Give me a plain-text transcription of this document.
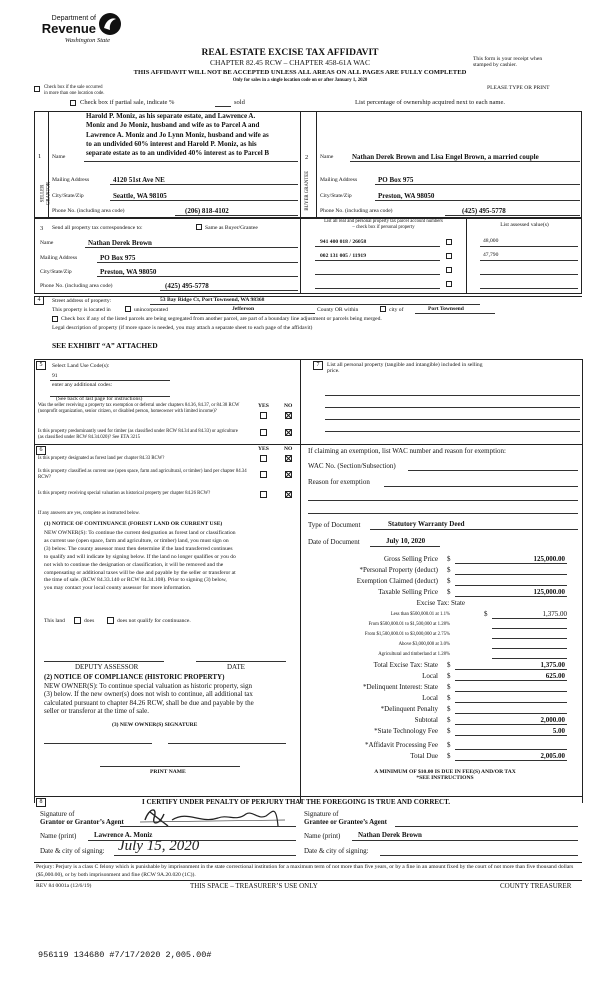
Department of
Revenue
Washington State
REAL ESTATE EXCISE TAX AFFIDAVIT
CHAPTER 82.45 RCW – CHAPTER 458-61A WAC
THIS AFFIDAVIT WILL NOT BE ACCEPTED UNLESS ALL AREAS ON ALL PAGES ARE FULLY COMPLETED
Only for sales in a single location code on or after January 1, 2020
This form is your receipt when
stamped by cashier.
PLEASE TYPE OR PRINT
Check box if the sale occurred
in more than one location code.
Check box if partial sale, indicate %	sold	List percentage of ownership acquired next to each name.
1 Name
Harold P. Moniz, as his separate estate, and Lawrence A.
Moniz and Jo Moniz, husband and wife as to Parcel A and
Lawrence A. Moniz and Jo Lynn Moniz, husband and wife as
to an undivided 60% interest and Harold P. Moniz, as his
separate estate as to an undivided 40% interest as to Parcel B
SELLER GRANTOR
Mailing Address	4120 51st Ave NE
City/State/Zip	Seattle, WA 98105
Phone No. (including area code)	(206) 818-4102
2 Name	Nathan Derek Brown and Lisa Engel Brown, a married couple
BUYER GRANTEE Mailing Address	PO Box 975
City/State/Zip	Preston, WA 98050
Phone No. (including area code)	(425) 495-5778
3 Send all property tax correspondence to:	Same as Buyer/Grantee
Name	Nathan Derek Brown
Mailing Address	PO Box 975
City/State/Zip	Preston, WA 98050
Phone No. (including area code)	(425) 495-5778
List all real and personal property tax parcel account numbers
– check box if personal property	List assessed value(s)
941 400 018 / 26058	48,000
002 131 005 / 11919	47,790
4	Street address of property:	53 Bay Ridge Ct, Port Townsend, WA 98368
This property is located in	unincorporated	Jefferson	County OR within	city of	Port Townsend
Check box if any of the listed parcels are being segregated from another parcel, are part of a boundary line adjustment or parcels being merged.
Legal description of property (if more space is needed, you may attach a separate sheet to each page of the affidavit)
SEE EXHIBIT “A” ATTACHED
5	Select Land Use Code(s):
91
enter any additional codes:
(See back of last page for instructions)
YES	NO
Was the seller receiving a property tax exemption or deferral under chapters 84.36, 84.37, or 84.38 RCW (nonprofit organization, senior citizen, or disabled person, homeowner with limited income)?
Is this property predominantly used for timber (as classified under RCW 84.34 and 84.33) or agriculture (as classified under RCW 84.34.020)? See ETA 3215
7	List all personal property (tangible and intangible) included in selling
price.
6	YES	NO
Is this property designated as forest land per chapter 84.33 RCW?
Is this property classified as current use (open space, farm and agricultural, or timber) land per chapter 84.34 RCW?
Is this property receiving special valuation as historical property per chapter 84.26 RCW?
If any answers are yes, complete as instructed below.
(1) NOTICE OF CONTINUANCE (FOREST LAND OR CURRENT USE)
NEW OWNER(S): To continue the current designation as forest land or classification
as current use (open space, farm and agriculture, or timber) land, you must sign on
(3) below. The county assessor must then determine if the land transferred continues
to qualify and will indicate by signing below. If the land no longer qualifies or you do
not wish to continue the designation or classification, it will be removed and the
compensating or additional taxes will be due and payable by the seller or transferor at
the time of sale. (RCW 84.33.140 or RCW 84.34.108). Prior to signing (3) below,
you may contact your local county assessor for more information.
This land	does	does not qualify for continuance.
DEPUTY ASSESSOR	DATE
(2) NOTICE OF COMPLIANCE (HISTORIC PROPERTY)
NEW OWNER(S): To continue special valuation as historic property, sign
(3) below. If the new owner(s) does not wish to continue, all additional tax
calculated pursuant to chapter 84.26 RCW, shall be due and payable by the
seller or transferor at the time of sale.
(3) NEW OWNER(S) SIGNATURE
PRINT NAME
If claiming an exemption, list WAC number and reason for exemption:
WAC No. (Section/Subsection)
Reason for exemption
Type of Document	Statutory Warranty Deed
Date of Document	July 10, 2020
Gross Selling Price $	125,000.00
*Personal Property (deduct) $
Exemption Claimed (deduct) $
Taxable Selling Price $	125,000.00
Excise Tax: State
Less than $500,000.01 at 1.1%	$	1,375.00
From $500,000.01 to $1,500,000 at 1.28%
From $1,500,000.01 to $3,000,000 at 2.75%
Above $3,000,000 at 3.0%
Agricultural and timberland at 1.28%
Total Excise Tax: State $	1,375.00
Local $	625.00
*Delinquent Interest: State $
Local $
*Delinquent Penalty $
Subtotal $	2,000.00
*State Technology Fee $	5.00
*Affidavit Processing Fee $
Total Due $	2,005.00
A MINIMUM OF $10.00 IS DUE IN FEE(S) AND/OR TAX
*SEE INSTRUCTIONS
8	I CERTIFY UNDER PENALTY OF PERJURY THAT THE FOREGOING IS TRUE AND CORRECT.
Signature of
Grantor or Grantor’s Agent
Signature of
Grantee or Grantee’s Agent
Name (print)	Lawrence A. Moniz	Name (print)	Nathan Derek Brown
Date & city of signing: July 15, 2020	Date & city of signing:
Perjury: Perjury is a class C felony which is punishable by imprisonment in the state correctional institution for a maximum term of not more than five years, or by a fine in an amount fixed by the court of not more than five thousand dollars ($5,000.00), or by both imprisonment and fine (RCW 9A.20.020 (1C)).
REV 84 0001a (12/6/19)	THIS SPACE – TREASURER’S USE ONLY	COUNTY TREASURER
956119 134680 #7/17/2020 2,005.00#
